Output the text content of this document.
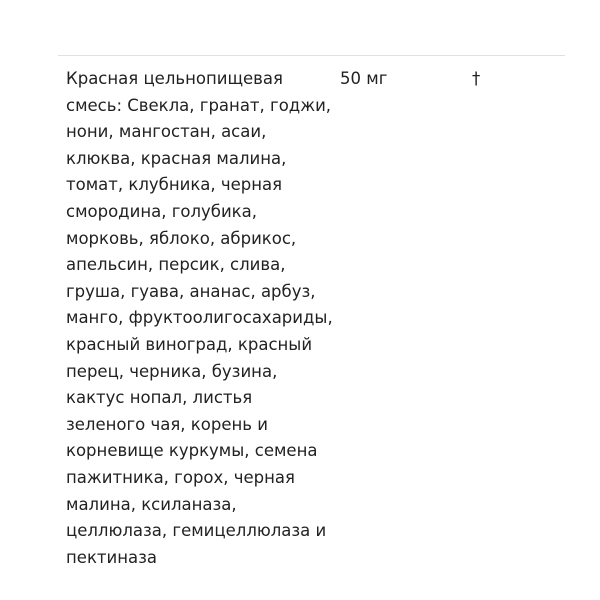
Красная цельнопищевая
смесь: Свекла, гранат, годжи,
нони, мангостан, асаи,
клюква, красная малина,
томат, клубника, черная
смородина, голубика,
морковь, яблоко, абрикос,
апельсин, персик, слива,
груша, гуава, ананас, арбуз,
манго, фруктоолигосахариды,
красный виноград, красный
перец, черника, бузина,
кактус нопал, листья
зеленого чая, корень и
корневище куркумы, семена
пажитника, горох, черная
малина, ксиланаза,
целлюлаза, гемицеллюлаза и
пектиназа
50 мг	†
